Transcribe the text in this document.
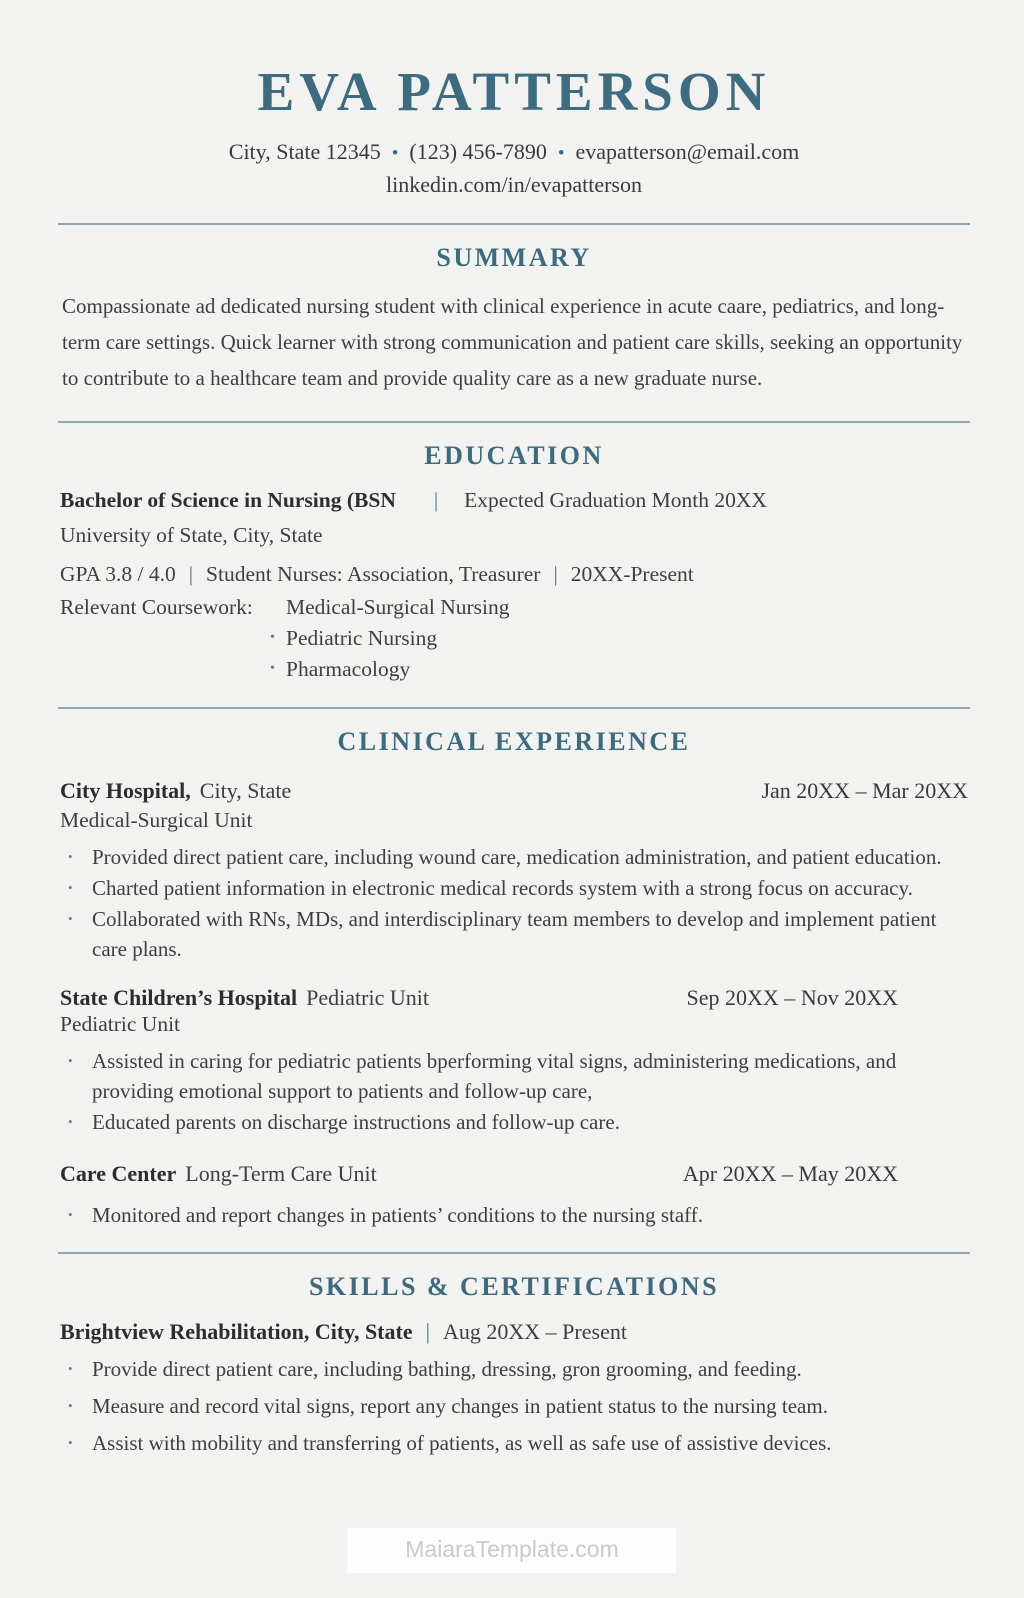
EVA PATTERSON
City, State 12345 • (123) 456-7890 • evapatterson@email.com
linkedin.com/in/evapatterson
SUMMARY

Compassionate ad dedicated nursing student with clinical experience in acute caare, pediatrics, and long-term care settings. Quick learner with strong communication and patient care skills, seeking an opportunity to contribute to a healthcare team and provide quality care as a new graduate nurse.

EDUCATION
Bachelor of Science in Nursing (BSN | Expected Graduation Month 20XX
University of State, City, State
GPA 3.8 / 4.0 | Student Nurses: Association, Treasurer | 20XX-Present
Relevant Coursework:	Medical-Surgical Nursing
• Pediatric Nursing
• Pharmacology
CLINICAL EXPERIENCE
City Hospital, City, State	Jan 20XX – Mar 20XX
Medical-Surgical Unit
• Provided direct patient care, including wound care, medication administration, and patient education.
• Charted patient information in electronic medical records system with a strong focus on accuracy.
• Collaborated with RNs, MDs, and interdisciplinary team members to develop and implement patient care plans.
State Children’s Hospital Pediatric Unit	Sep 20XX – Nov 20XX
Pediatric Unit
• Assisted in caring for pediatric patients bperforming vital signs, administering medications, and providing emotional support to patients and follow-up care,
• Educated parents on discharge instructions and follow-up care.
Care Center Long-Term Care Unit	Apr 20XX – May 20XX
• Monitored and report changes in patients’ conditions to the nursing staff.
SKILLS & CERTIFICATIONS
Brightview Rehabilitation, City, State | Aug 20XX – Present
• Provide direct patient care, including bathing, dressing, gron grooming, and feeding.
• Measure and record vital signs, report any changes in patient status to the nursing team.
• Assist with mobility and transferring of patients, as well as safe use of assistive devices.
MaiaraTemplate.com
